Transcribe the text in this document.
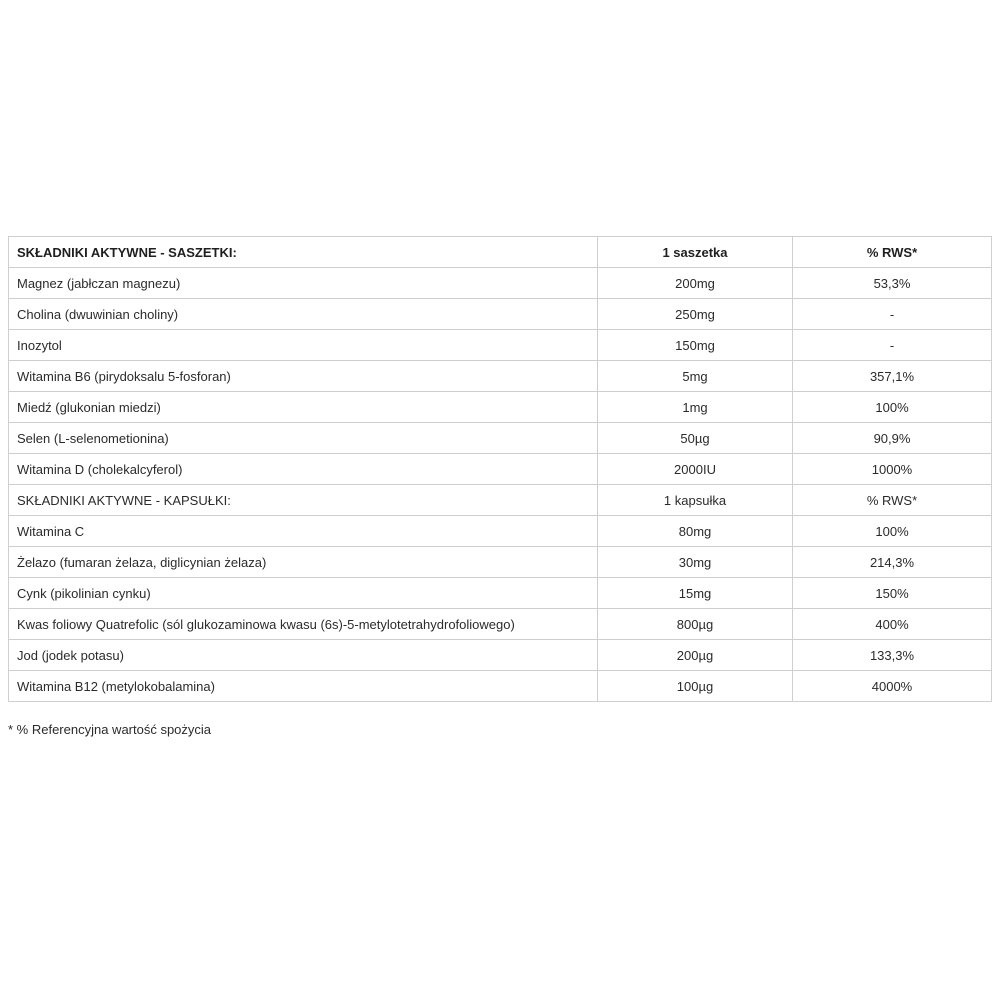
SKŁADNIKI AKTYWNE - SASZETKI:	1 saszetka	% RWS*
Magnez (jabłczan magnezu)	200mg	53,3%
Cholina (dwuwinian choliny)	250mg	-
Inozytol	150mg	-
Witamina B6 (pirydoksalu 5-fosforan)	5mg	357,1%
Miedź (glukonian miedzi)	1mg	100%
Selen (L-selenometionina)	50µg	90,9%
Witamina D (cholekalcyferol)	2000IU	1000%
SKŁADNIKI AKTYWNE - KAPSUŁKI:	1 kapsułka	% RWS*
Witamina C	80mg	100%
Żelazo (fumaran żelaza, diglicynian żelaza)	30mg	214,3%
Cynk (pikolinian cynku)	15mg	150%
Kwas foliowy Quatrefolic (sól glukozaminowa kwasu (6s)-5-metylotetrahydrofoliowego)	800µg	400%
Jod (jodek potasu)	200µg	133,3%
Witamina B12 (metylokobalamina)	100µg	4000%
* % Referencyjna wartość spożycia
